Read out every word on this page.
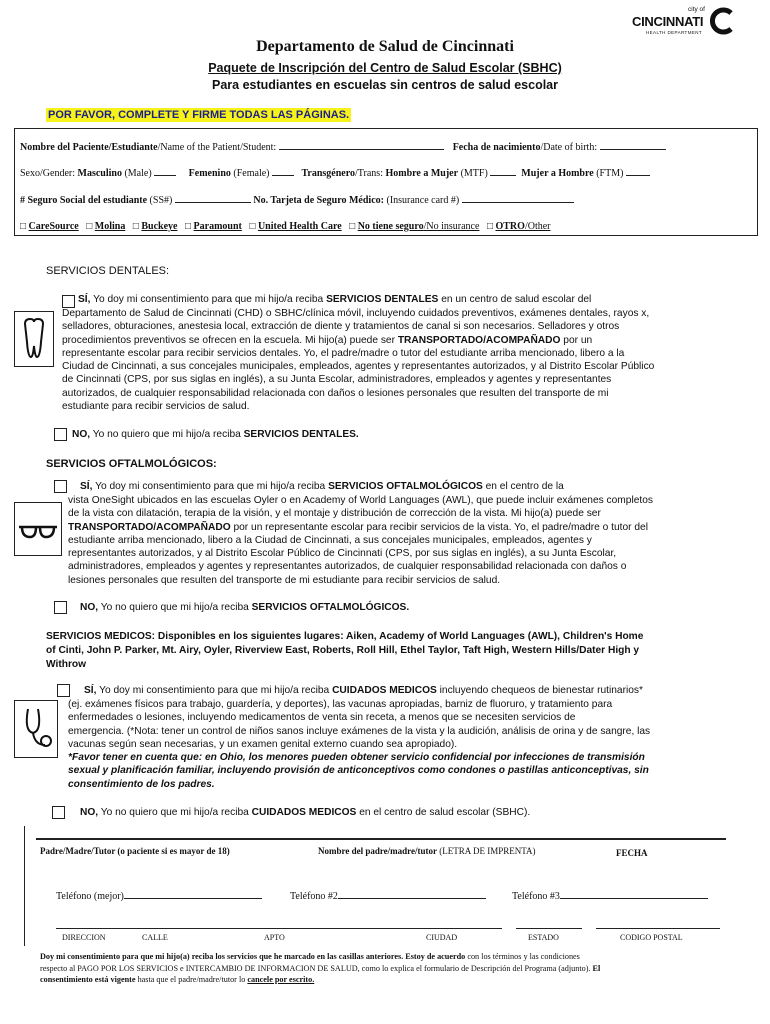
city of
CINCINNATI
HEALTH DEPARTMENT
Departamento de Salud de Cincinnati
Paquete de Inscripción del Centro de Salud Escolar (SBHC)
Para estudiantes en escuelas sin centros de salud escolar
POR FAVOR, COMPLETE Y FIRME TODAS LAS PÁGINAS.
Nombre del Paciente/Estudiante/Name of the Patient/Student:	Fecha de nacimiento/Date of birth:
Sexo/Gender: Masculino (Male)	Femenino (Female)	Transgénero/Trans: Hombre a Mujer (MTF)	Mujer a Hombre (FTM)
# Seguro Social del estudiante (SS#)	No. Tarjeta de Seguro Médico: (Insurance card #)
□ CareSource □ Molina □ Buckeye □ Paramount □ United Health Care □ No tiene seguro/No insurance □ OTRO/Other
SERVICIOS DENTALES:
SÍ, Yo doy mi consentimiento para que mi hijo/a reciba SERVICIOS DENTALES en un centro de salud escolar del
Departamento de Salud de Cincinnati (CHD) o SBHC/clínica móvil, incluyendo cuidados preventivos, exámenes dentales, rayos x,
selladores, obturaciones, anestesia local, extracción de diente y tratamientos de canal si son necesarios. Selladores y otros
procedimientos preventivos se ofrecen en la escuela. Mi hijo(a) puede ser TRANSPORTADO/ACOMPAÑADO por un
representante escolar para recibir servicios dentales. Yo, el padre/madre o tutor del estudiante arriba mencionado, libero a la
Ciudad de Cincinnati, a sus concejales municipales, empleados, agentes y representantes autorizados, y al Distrito Escolar Público
de Cincinnati (CPS, por sus siglas en inglés), a su Junta Escolar, administradores, empleados y agentes y representantes
autorizados, de cualquier responsabilidad relacionada con daños o lesiones personales que resulten del transporte de mi
estudiante para recibir servicios de salud.
NO, Yo no quiero que mi hijo/a reciba SERVICIOS DENTALES.
SERVICIOS OFTALMOLÓGICOS:
SÍ, Yo doy mi consentimiento para que mi hijo/a reciba SERVICIOS OFTALMOLÓGICOS en el centro de la
vista OneSight ubicados en las escuelas Oyler o en Academy of World Languages (AWL), que puede incluir exámenes completos
de la vista con dilatación, terapia de la visión, y el montaje y distribución de corrección de la vista. Mi hijo(a) puede ser
TRANSPORTADO/ACOMPAÑADO por un representante escolar para recibir servicios de la vista. Yo, el padre/madre o tutor del
estudiante arriba mencionado, libero a la Ciudad de Cincinnati, a sus concejales municipales, empleados, agentes y
representantes autorizados, y al Distrito Escolar Público de Cincinnati (CPS, por sus siglas en inglés), a su Junta Escolar,
administradores, empleados y agentes y representantes autorizados, de cualquier responsabilidad relacionada con daños o
lesiones personales que resulten del transporte de mi estudiante para recibir servicios de salud.
NO, Yo no quiero que mi hijo/a reciba SERVICIOS OFTALMOLÓGICOS.
SERVICIOS MEDICOS: Disponibles en los siguientes lugares: Aiken, Academy of World Languages (AWL), Children's Home
of Cinti, John P. Parker, Mt. Airy, Oyler, Riverview East, Roberts, Roll Hill, Ethel Taylor, Taft High, Western Hills/Dater High y
Withrow
SÍ, Yo doy mi consentimiento para que mi hijo/a reciba CUIDADOS MEDICOS incluyendo chequeos de bienestar rutinarios*
(ej. exámenes físicos para trabajo, guardería, y deportes), las vacunas apropiadas, barniz de fluoruro, y tratamiento para
enfermedades o lesiones, incluyendo medicamentos de venta sin receta, a menos que se necesiten servicios de
emergencia. (*Nota: tener un control de niños sanos incluye exámenes de la vista y la audición, análisis de orina y de sangre, las
vacunas según sean necesarias, y un examen genital externo cuando sea apropiado).
*Favor tener en cuenta que: en Ohio, los menores pueden obtener servicio confidencial por infecciones de transmisión
sexual y planificación familiar, incluyendo provisión de anticonceptivos como condones o pastillas anticonceptivas, sin
consentimiento de los padres.
NO, Yo no quiero que mi hijo/a reciba CUIDADOS MEDICOS en el centro de salud escolar (SBHC).
Padre/Madre/Tutor (o paciente si es mayor de 18)	Nombre del padre/madre/tutor (LETRA DE IMPRENTA)	FECHA
Teléfono (mejor)	Teléfono #2	Teléfono #3
DIRECCION	CALLE	APTO	CIUDAD	ESTADO	CODIGO POSTAL
Doy mi consentimiento para que mi hijo(a) reciba los servicios que he marcado en las casillas anteriores. Estoy de acuerdo con los términos y las condiciones
respecto al PAGO POR LOS SERVICIOS e INTERCAMBIO DE INFORMACION DE SALUD, como lo explica el formulario de Descripción del Programa (adjunto). El
consentimiento está vigente hasta que el padre/madre/tutor lo cancele por escrito.
